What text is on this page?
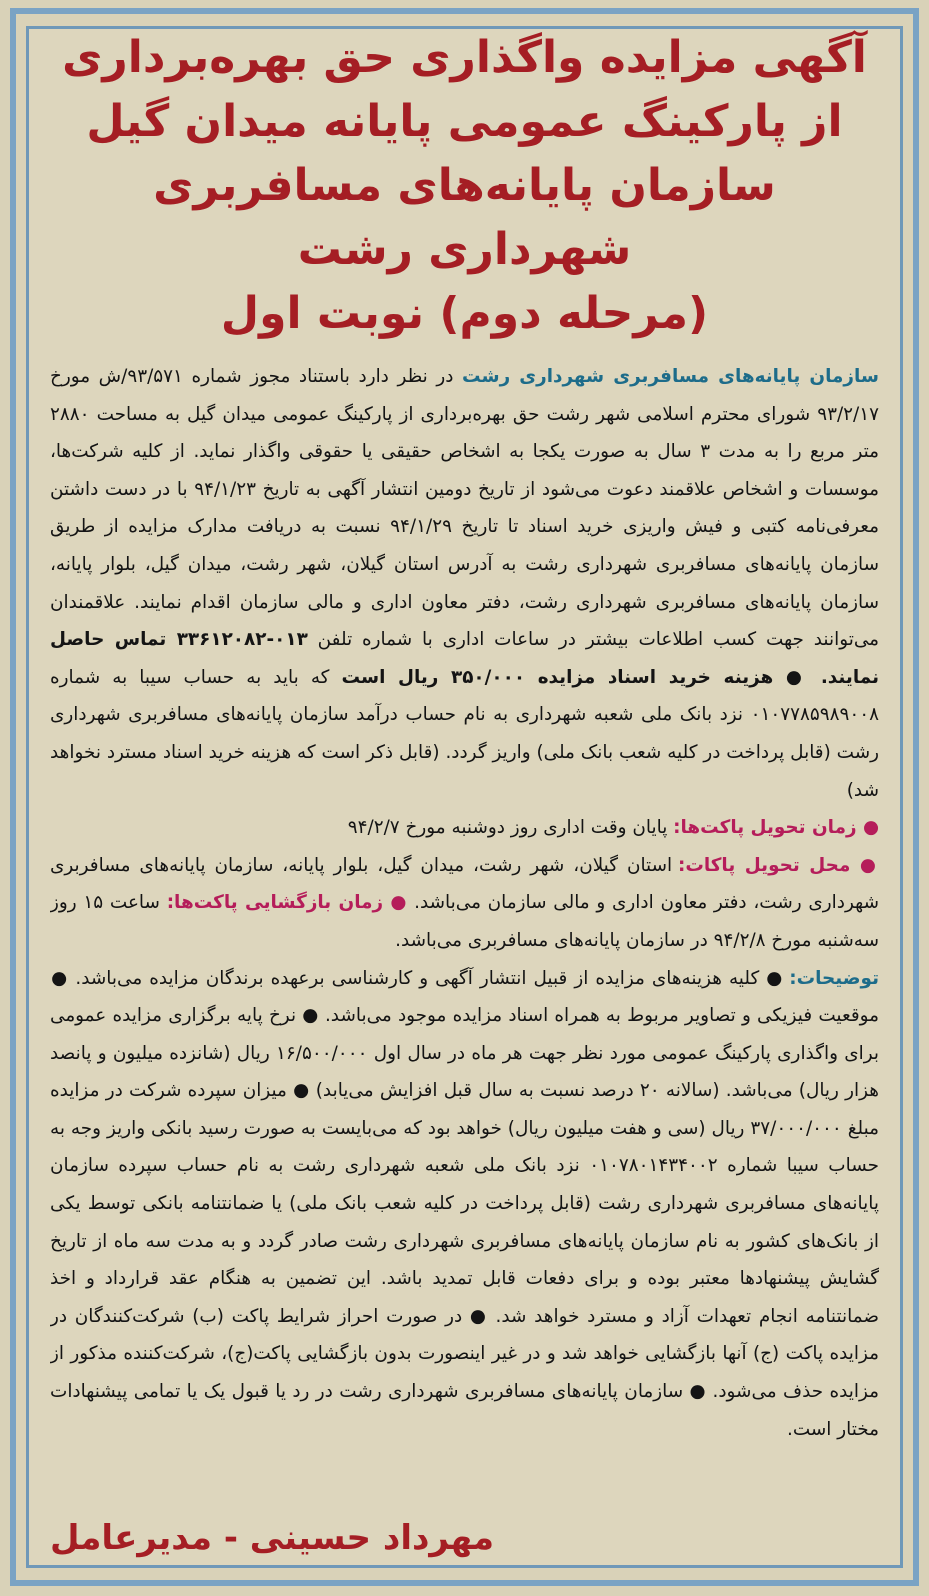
آگهی مزایده واگذاری حق بهره‌برداری
از پارکینگ عمومی پایانه میدان گیل
سازمان پایانه‌های مسافربری شهرداری رشت
(مرحله دوم) نوبت اول
سازمان پایانه‌های مسافربری شهرداری رشت در نظر دارد باستناد مجوز شماره ۹۳/۵۷۱/ش مورخ ۹۳/۲/۱۷ شورای محترم اسلامی شهر رشت حق بهره‌برداری از پارکینگ عمومی میدان گیل به مساحت ۲۸۸۰ متر مربع را به مدت ۳ سال به صورت یکجا به اشخاص حقیقی یا حقوقی واگذار نماید. از کلیه شرکت‌ها، موسسات و اشخاص علاقمند دعوت می‌شود از تاریخ دومین انتشار آگهی به تاریخ ۹۴/۱/۲۳ با در دست داشتن معرفی‌نامه کتبی و فیش واریزی خرید اسناد تا تاریخ ۹۴/۱/۲۹ نسبت به دریافت مدارک مزایده از طریق سازمان پایانه‌های مسافربری شهرداری رشت به آدرس استان گیلان، شهر رشت، میدان گیل، بلوار پایانه، سازمان پایانه‌های مسافربری شهرداری رشت، دفتر معاون اداری و مالی سازمان اقدام نمایند. علاقمندان می‌توانند جهت کسب اطلاعات بیشتر در ساعات اداری با شماره تلفن ۰۱۳-۳۳۶۱۲۰۸۲ تماس حاصل نمایند. ● هزینه خرید اسناد مزایده ۳۵۰/۰۰۰ ریال است که باید به حساب سیبا به شماره ۰۱۰۷۷۸۵۹۸۹۰۰۸ نزد بانک ملی شعبه شهرداری به نام حساب درآمد سازمان پایانه‌های مسافربری شهرداری رشت (قابل پرداخت در کلیه شعب بانک ملی) واریز گردد. (قابل ذکر است که هزینه خرید اسناد مسترد نخواهد شد)
● زمان تحویل پاکت‌ها: پایان وقت اداری روز دوشنبه مورخ ۹۴/۲/۷
● محل تحویل پاکات: استان گیلان، شهر رشت، میدان گیل، بلوار پایانه، سازمان پایانه‌های مسافربری شهرداری رشت، دفتر معاون اداری و مالی سازمان می‌باشد. ● زمان بازگشایی پاکت‌ها: ساعت ۱۵ روز سه‌شنبه مورخ ۹۴/۲/۸ در سازمان پایانه‌های مسافربری می‌باشد.
توضیحات: ● کلیه هزینه‌های مزایده از قبیل انتشار آگهی و کارشناسی برعهده برندگان مزایده می‌باشد. ● موقعیت فیزیکی و تصاویر مربوط به همراه اسناد مزایده موجود می‌باشد. ● نرخ پایه برگزاری مزایده عمومی برای واگذاری پارکینگ عمومی مورد نظر جهت هر ماه در سال اول ۱۶/۵۰۰/۰۰۰ ریال (شانزده میلیون و پانصد هزار ریال) می‌باشد. (سالانه ۲۰ درصد نسبت به سال قبل افزایش می‌یابد) ● میزان سپرده شرکت در مزایده مبلغ ۳۷/۰۰۰/۰۰۰ ریال (سی و هفت میلیون ریال) خواهد بود که می‌بایست به صورت رسید بانکی واریز وجه به حساب سیبا شماره ۰۱۰۷۸۰۱۴۳۴۰۰۲ نزد بانک ملی شعبه شهرداری رشت به نام حساب سپرده سازمان پایانه‌های مسافربری شهرداری رشت (قابل پرداخت در کلیه شعب بانک ملی) یا ضمانتنامه بانکی توسط یکی از بانک‌های کشور به نام سازمان پایانه‌های مسافربری شهرداری رشت صادر گردد و به مدت سه ماه از تاریخ گشایش پیشنهادها معتبر بوده و برای دفعات قابل تمدید باشد. این تضمین به هنگام عقد قرارداد و اخذ ضمانتنامه انجام تعهدات آزاد و مسترد خواهد شد. ● در صورت احراز شرایط پاکت (ب) شرکت‌کنندگان در مزایده پاکت (ج) آنها بازگشایی خواهد شد و در غیر اینصورت بدون بازگشایی پاکت(ج)، شرکت‌کننده مذکور از مزایده حذف می‌شود. ● سازمان پایانه‌های مسافربری شهرداری رشت در رد یا قبول یک یا تمامی پیشنهادات مختار است.
مهرداد حسینی - مدیرعامل
